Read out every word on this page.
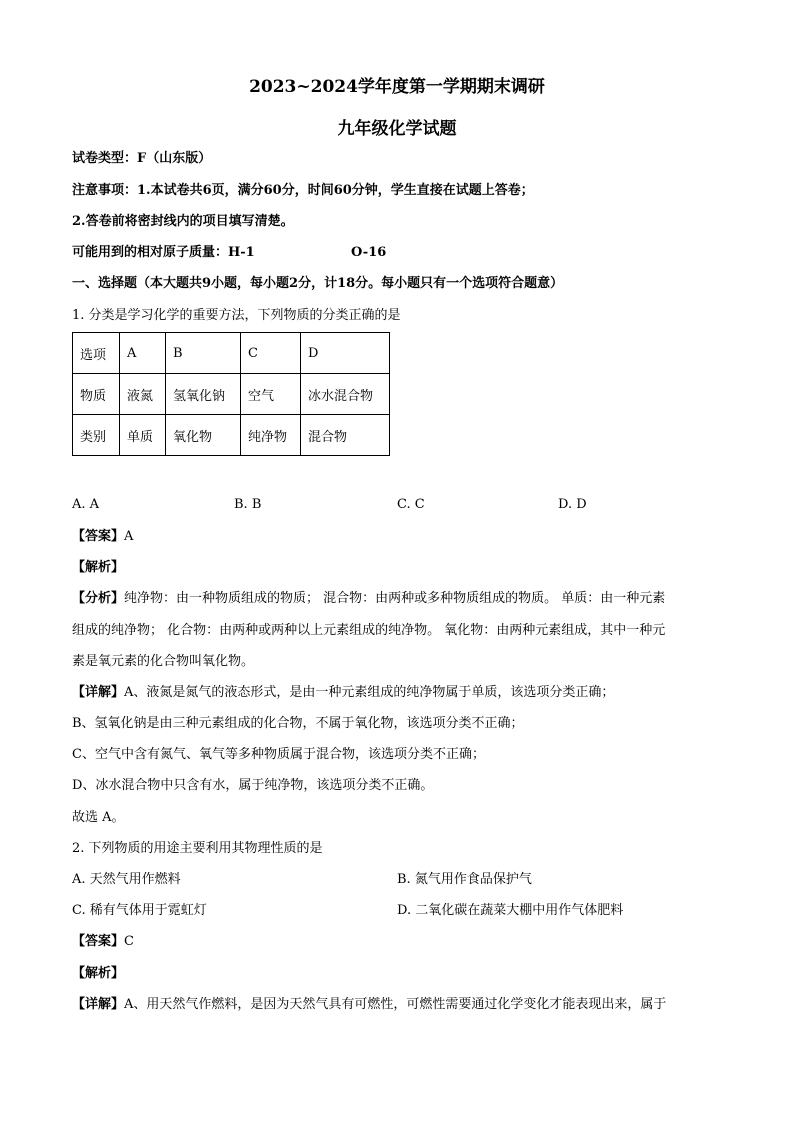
2023~2024学年度第一学期期末调研
九年级化学试题
试卷类型：F（山东版）
注意事项：1.本试卷共6页，满分60分，时间60分钟，学生直接在试题上答卷；
2.答卷前将密封线内的项目填写清楚。
可能用到的相对原子质量：H-1	O-16
一、选择题（本大题共9小题，每小题2分，计18分。每小题只有一个选项符合题意）
1. 分类是学习化学的重要方法，下列物质的分类正确的是
选项	A	B	C	D
物质	液氮	氢氧化钠	空气	冰水混合物
类别	单质	氧化物	纯净物	混合物
A. A	B. B	C. C	D. D
【答案】A
【解析】
【分析】纯净物：由一种物质组成的物质； 混合物：由两种或多种物质组成的物质。 单质：由一种元素
组成的纯净物； 化合物：由两种或两种以上元素组成的纯净物。 氧化物：由两种元素组成，其中一种元
素是氧元素的化合物叫氧化物。
【详解】A、液氮是氮气的液态形式，是由一种元素组成的纯净物属于单质，该选项分类正确；
B、氢氧化钠是由三种元素组成的化合物，不属于氧化物，该选项分类不正确；
C、空气中含有氮气、氧气等多种物质属于混合物，该选项分类不正确；
D、冰水混合物中只含有水，属于纯净物，该选项分类不正确。
故选 A。
2. 下列物质的用途主要利用其物理性质的是
A. 天然气用作燃料	B. 氮气用作食品保护气
C. 稀有气体用于霓虹灯	D. 二氧化碳在蔬菜大棚中用作气体肥料
【答案】C
【解析】
【详解】A、用天然气作燃料，是因为天然气具有可燃性，可燃性需要通过化学变化才能表现出来，属于
